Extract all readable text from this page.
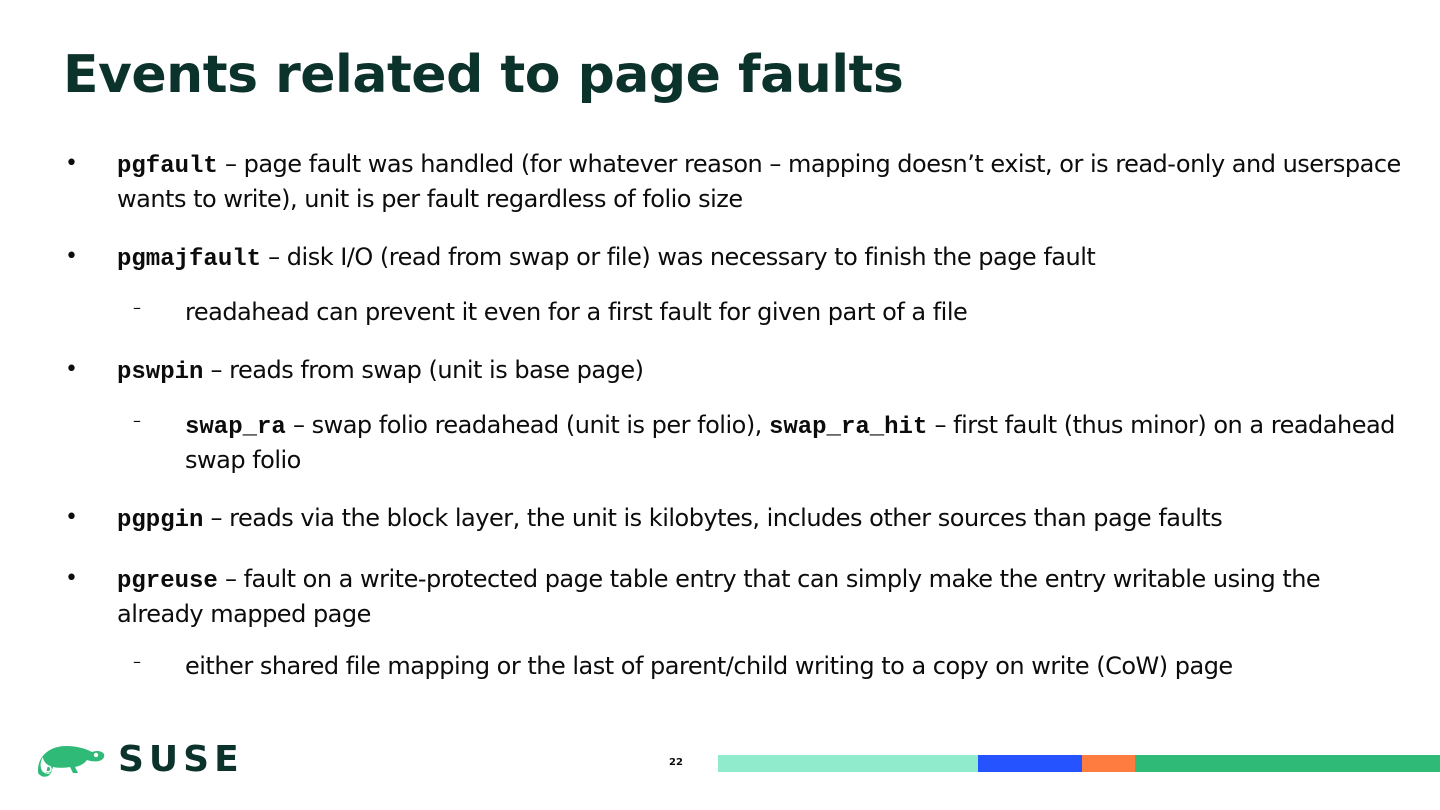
Events related to page faults
• pgfault – page fault was handled (for whatever reason – mapping doesn’t exist, or is read-only and userspace wants to write), unit is per fault regardless of folio size
• pgmajfault – disk I/O (read from swap or file) was necessary to finish the page fault
– readahead can prevent it even for a first fault for given part of a file
• pswpin – reads from swap (unit is base page)
– swap_ra – swap folio readahead (unit is per folio), swap_ra_hit – first fault (thus minor) on a readahead swap folio
• pgpgin – reads via the block layer, the unit is kilobytes, includes other sources than page faults
• pgreuse – fault on a write-protected page table entry that can simply make the entry writable using the already mapped page
– either shared file mapping or the last of parent/child writing to a copy on write (CoW) page
SUSE	22
